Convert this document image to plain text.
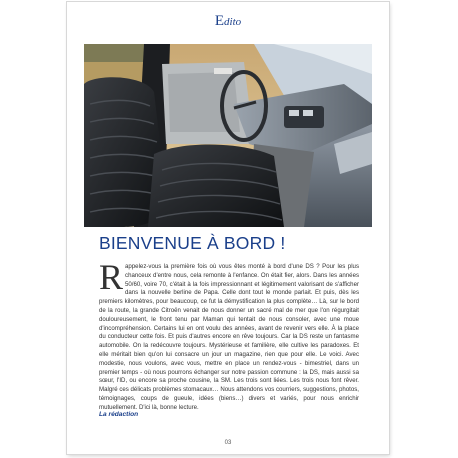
Edito
BIENVENUE À BORD !

Rappelez-vous la première fois où vous êtes monté à bord d'une DS ? Pour les plus chanceux d'entre nous, cela remonte à l'enfance. On était fier, alors. Dans les années 50/60, voire 70, c'était à la fois impressionnant et légitimement valorisant de s'afficher dans la nouvelle berline de Papa. Celle dont tout le monde parlait. Et puis, dès les premiers kilomètres, pour beaucoup, ce fut la démystification la plus complète… Là, sur le bord de la route, la grande Citroën venait de nous donner un sacré mal de mer que l'on régurgitait douloureusement, le front tenu par Maman qui tentait de nous consoler, avec une moue d'incompréhension. Certains lui en ont voulu des années, avant de revenir vers elle. À la place du conducteur cette fois. Et puis d'autres encore en rêve toujours. Car la DS reste un fantasme automobile. On la redécouvre toujours. Mystérieuse et familière, elle cultive les paradoxes. Et elle méritait bien qu'on lui consacre un jour un magazine, rien que pour elle. Le voici. Avec modestie, nous voulons, avec vous, mettre en place un rendez-vous - bimestriel, dans un premier temps - où nous pourrons échanger sur notre passion commune : la DS, mais aussi sa sœur, l'ID, ou encore sa proche cousine, la SM. Les trois sont liées. Les trois nous font rêver. Malgré ces délicats problèmes stomacaux… Nous attendons vos courriers, suggestions, photos, témoignages, coups de gueule, idées (biens…) divers et variés, pour nous enrichir mutuellement. D'ici là, bonne lecture.

La rédaction

03
